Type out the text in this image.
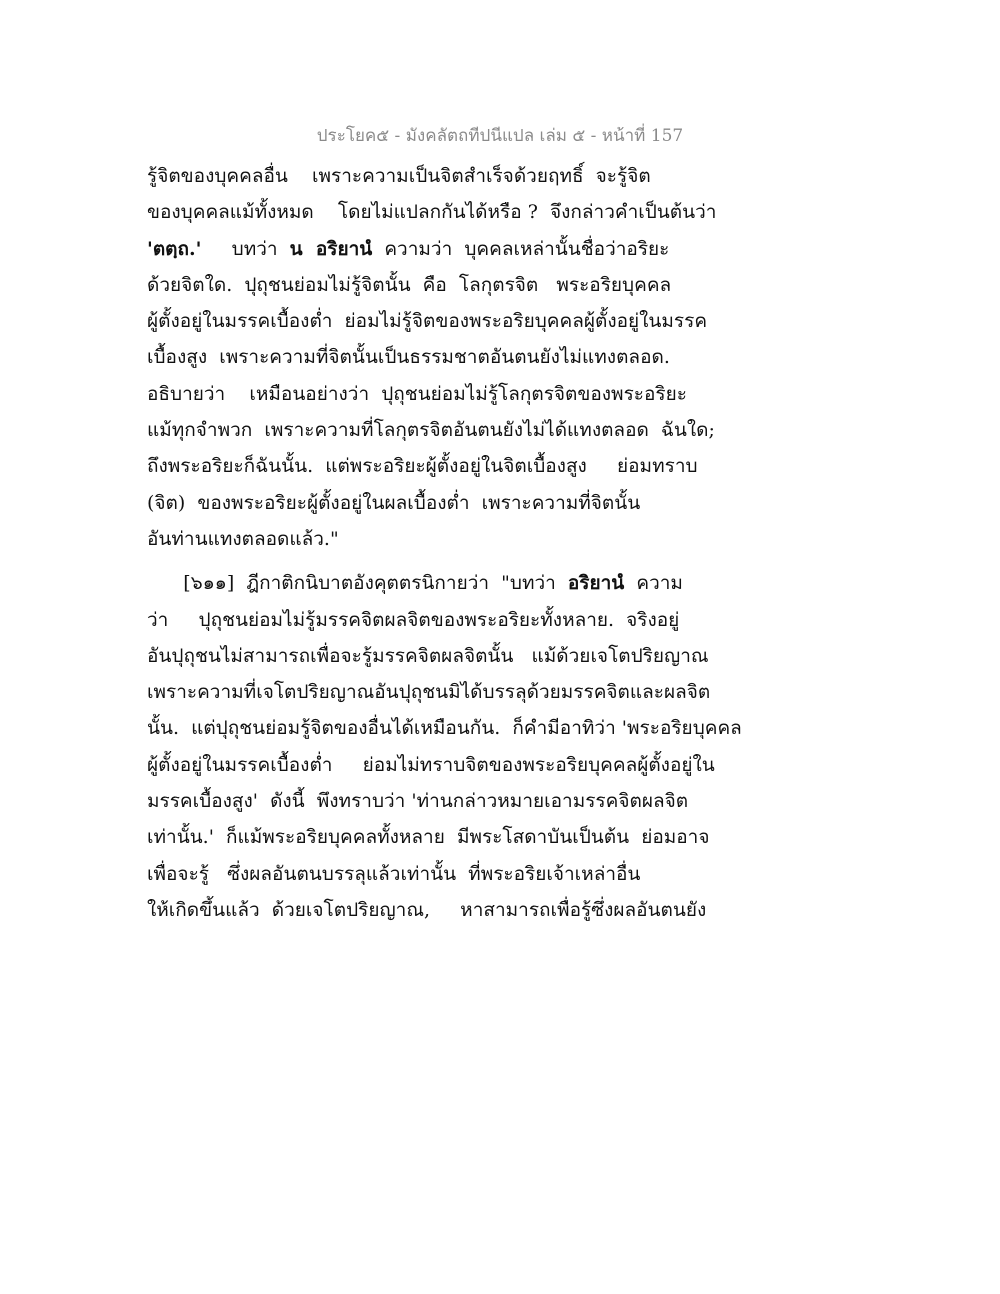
ประโยค๕ - มังคลัตถทีปนีแปล เล่ม ๕ - หน้าที่ 157
รู้จิตของบุคคลอื่น    เพราะความเป็นจิตสำเร็จด้วยฤทธิ์  จะรู้จิต
ของบุคคลแม้ทั้งหมด    โดยไม่แปลกกันได้หรือ ?  จึงกล่าวคำเป็นต้นว่า
'ตตฺถ.'     บทว่า  น  อริยานํ  ความว่า  บุคคลเหล่านั้นชื่อว่าอริยะ
ด้วยจิตใด.  ปุถุชนย่อมไม่รู้จิตนั้น  คือ  โลกุตรจิต   พระอริยบุคคล
ผู้ตั้งอยู่ในมรรคเบื้องต่ำ  ย่อมไม่รู้จิตของพระอริยบุคคลผู้ตั้งอยู่ในมรรค
เบื้องสูง  เพราะความที่จิตนั้นเป็นธรรมชาตอันตนยังไม่แทงตลอด.
อธิบายว่า    เหมือนอย่างว่า  ปุถุชนย่อมไม่รู้โลกุตรจิตของพระอริยะ
แม้ทุกจำพวก  เพราะความที่โลกุตรจิตอันตนยังไม่ได้แทงตลอด  ฉันใด;
ถึงพระอริยะก็ฉันนั้น.  แต่พระอริยะผู้ตั้งอยู่ในจิตเบื้องสูง     ย่อมทราบ
(จิต)  ของพระอริยะผู้ตั้งอยู่ในผลเบื้องต่ำ  เพราะความที่จิตนั้น
อันท่านแทงตลอดแล้ว."
[๖๑๑]  ฎีกาติกนิบาตอังคุตตรนิกายว่า  "บทว่า  อริยานํ  ความ
ว่า     ปุถุชนย่อมไม่รู้มรรคจิตผลจิตของพระอริยะทั้งหลาย.  จริงอยู่
อันปุถุชนไม่สามารถเพื่อจะรู้มรรคจิตผลจิตนั้น   แม้ด้วยเจโตปริยญาณ
เพราะความที่เจโตปริยญาณอันปุถุชนมิได้บรรลุด้วยมรรคจิตและผลจิต
นั้น.  แต่ปุถุชนย่อมรู้จิตของอื่นได้เหมือนกัน.  ก็คำมีอาทิว่า 'พระอริยบุคคล
ผู้ตั้งอยู่ในมรรคเบื้องต่ำ     ย่อมไม่ทราบจิตของพระอริยบุคคลผู้ตั้งอยู่ใน
มรรคเบื้องสูง'  ดังนี้  พึงทราบว่า 'ท่านกล่าวหมายเอามรรคจิตผลจิต
เท่านั้น.'  ก็แม้พระอริยบุคคลทั้งหลาย  มีพระโสดาบันเป็นต้น  ย่อมอาจ
เพื่อจะรู้   ซึ่งผลอันตนบรรลุแล้วเท่านั้น  ที่พระอริยเจ้าเหล่าอื่น
ให้เกิดขึ้นแล้ว  ด้วยเจโตปริยญาณ,     หาสามารถเพื่อรู้ซึ่งผลอันตนยัง
